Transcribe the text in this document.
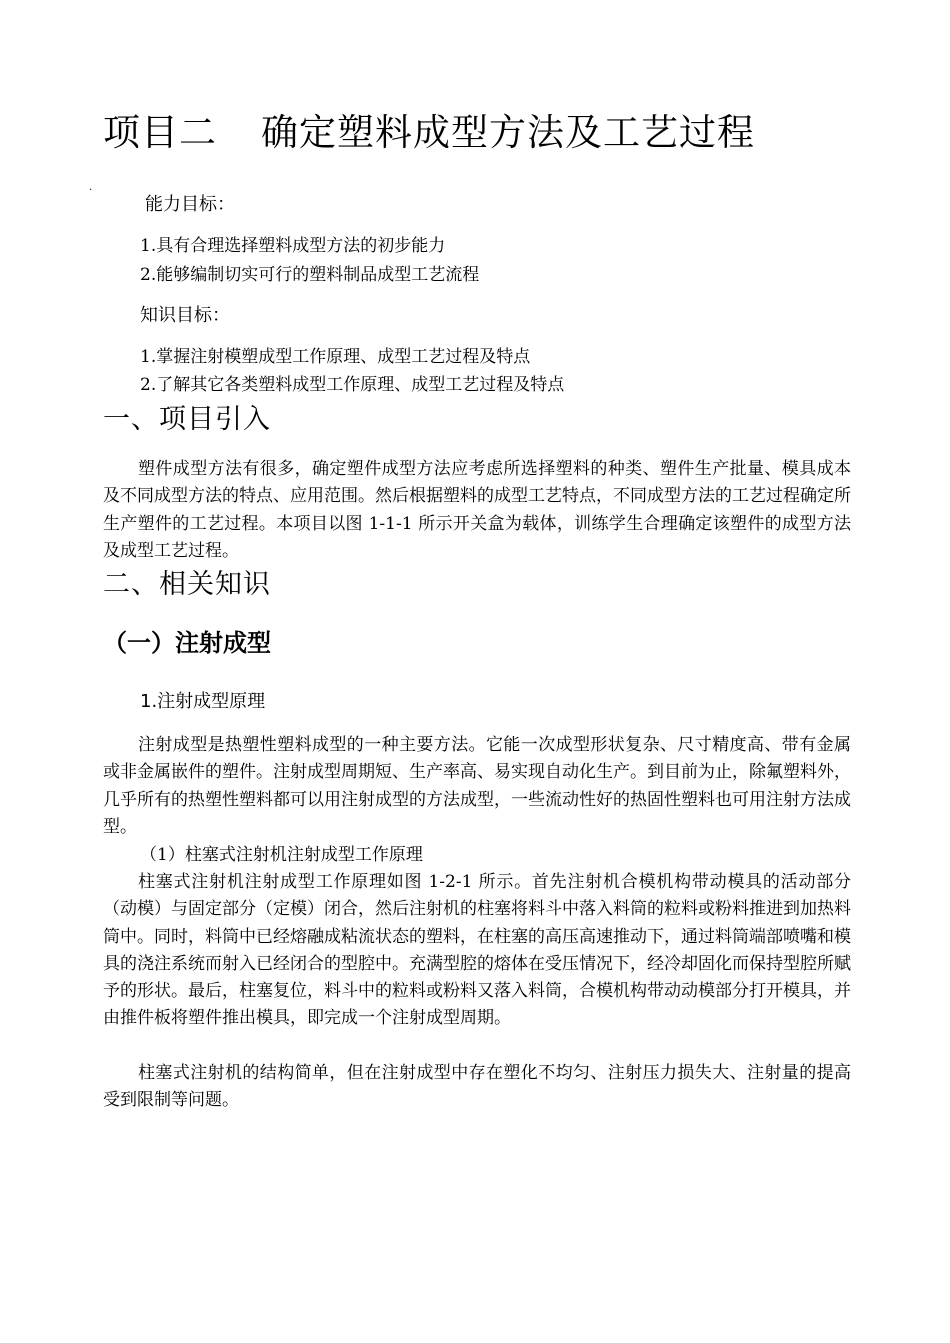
项目二 确定塑料成型方法及工艺过程
.
能力目标：
1.具有合理选择塑料成型方法的初步能力
2.能够编制切实可行的塑料制品成型工艺流程
知识目标：
1.掌握注射模塑成型工作原理、成型工艺过程及特点
2.了解其它各类塑料成型工作原理、成型工艺过程及特点
一、项目引入

塑件成型方法有很多，确定塑件成型方法应考虑所选择塑料的种类、塑件生产批量、模具成本及不同成型方法的特点、应用范围。然后根据塑料的成型工艺特点，不同成型方法的工艺过程确定所生产塑件的工艺过程。本项目以图 1-1-1 所示开关盒为载体，训练学生合理确定该塑件的成型方法及成型工艺过程。

二、相关知识
（一）注射成型
1.注射成型原理

注射成型是热塑性塑料成型的一种主要方法。它能一次成型形状复杂、尺寸精度高、带有金属或非金属嵌件的塑件。注射成型周期短、生产率高、易实现自动化生产。到目前为止，除氟塑料外，几乎所有的热塑性塑料都可以用注射成型的方法成型，一些流动性好的热固性塑料也可用注射方法成型。

（1）柱塞式注射机注射成型工作原理

柱塞式注射机注射成型工作原理如图 1-2-1 所示。首先注射机合模机构带动模具的活动部分（动模）与固定部分（定模）闭合，然后注射机的柱塞将料斗中落入料筒的粒料或粉料推进到加热料筒中。同时，料筒中已经熔融成粘流状态的塑料，在柱塞的高压高速推动下，通过料筒端部喷嘴和模具的浇注系统而射入已经闭合的型腔中。充满型腔的熔体在受压情况下，经冷却固化而保持型腔所赋予的形状。最后，柱塞复位，料斗中的粒料或粉料又落入料筒，合模机构带动动模部分打开模具，并由推件板将塑件推出模具，即完成一个注射成型周期。

柱塞式注射机的结构简单，但在注射成型中存在塑化不均匀、注射压力损失大、注射量的提高受到限制等问题。
